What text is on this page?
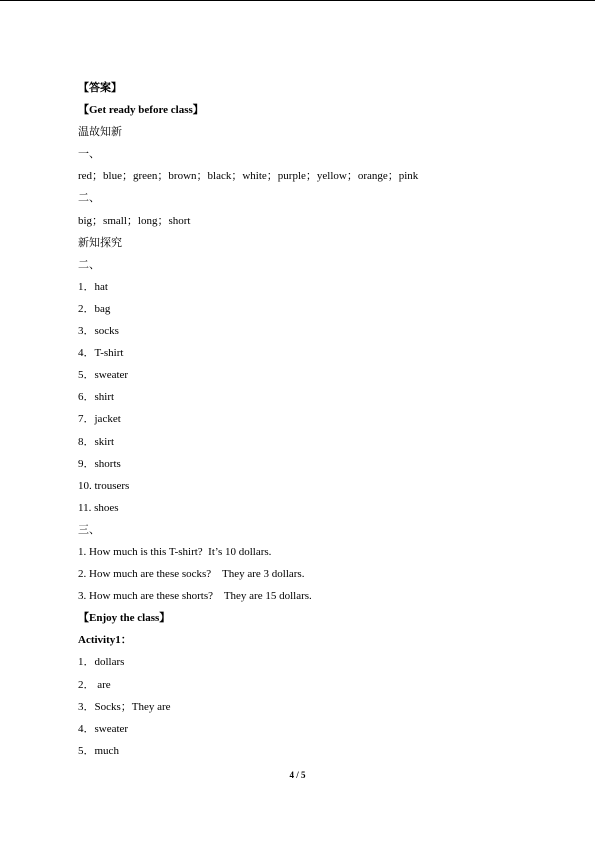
【答案】
【Get ready before class】
温故知新
一、
red；blue；green；brown；black；white；purple；yellow；orange；pink
二、
big；small；long；short
新知探究
二、
1．hat
2．bag
3．socks
4．T-shirt
5．sweater
6．shirt
7．jacket
8．skirt
9．shorts
10. trousers
11. shoes
三、
1. How much is this T-shirt?  It’s 10 dollars.
2. How much are these socks?    They are 3 dollars.
3. How much are these shorts?    They are 15 dollars.
【Enjoy the class】
Activity1：
1．dollars
2． are
3．Socks；They are
4．sweater
5．much
4 / 5
